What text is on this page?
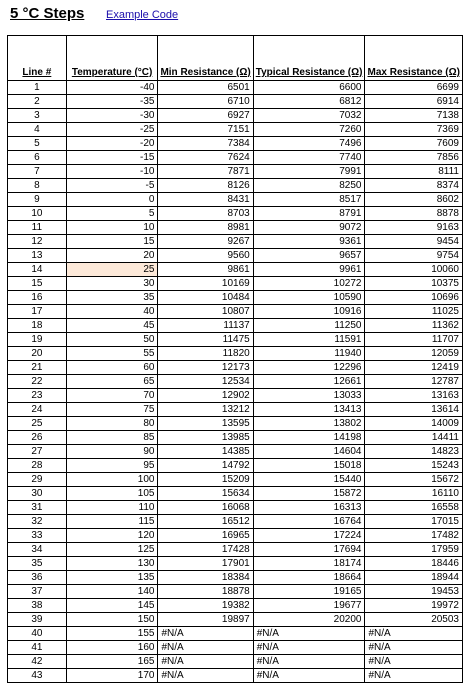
5 °C Steps Example Code
Line #	Temperature (°C)	Min Resistance (Ω)	Typical Resistance (Ω)	Max Resistance (Ω)
1	-40	6501	6600	6699
2	-35	6710	6812	6914
3	-30	6927	7032	7138
4	-25	7151	7260	7369
5	-20	7384	7496	7609
6	-15	7624	7740	7856
7	-10	7871	7991	8111
8	-5	8126	8250	8374
9	0	8431	8517	8602
10	5	8703	8791	8878
11	10	8981	9072	9163
12	15	9267	9361	9454
13	20	9560	9657	9754
14	25	9861	9961	10060
15	30	10169	10272	10375
16	35	10484	10590	10696
17	40	10807	10916	11025
18	45	11137	11250	11362
19	50	11475	11591	11707
20	55	11820	11940	12059
21	60	12173	12296	12419
22	65	12534	12661	12787
23	70	12902	13033	13163
24	75	13212	13413	13614
25	80	13595	13802	14009
26	85	13985	14198	14411
27	90	14385	14604	14823
28	95	14792	15018	15243
29	100	15209	15440	15672
30	105	15634	15872	16110
31	110	16068	16313	16558
32	115	16512	16764	17015
33	120	16965	17224	17482
34	125	17428	17694	17959
35	130	17901	18174	18446
36	135	18384	18664	18944
37	140	18878	19165	19453
38	145	19382	19677	19972
39	150	19897	20200	20503
40	155	#N/A	#N/A	#N/A
41	160	#N/A	#N/A	#N/A
42	165	#N/A	#N/A	#N/A
43	170	#N/A	#N/A	#N/A
